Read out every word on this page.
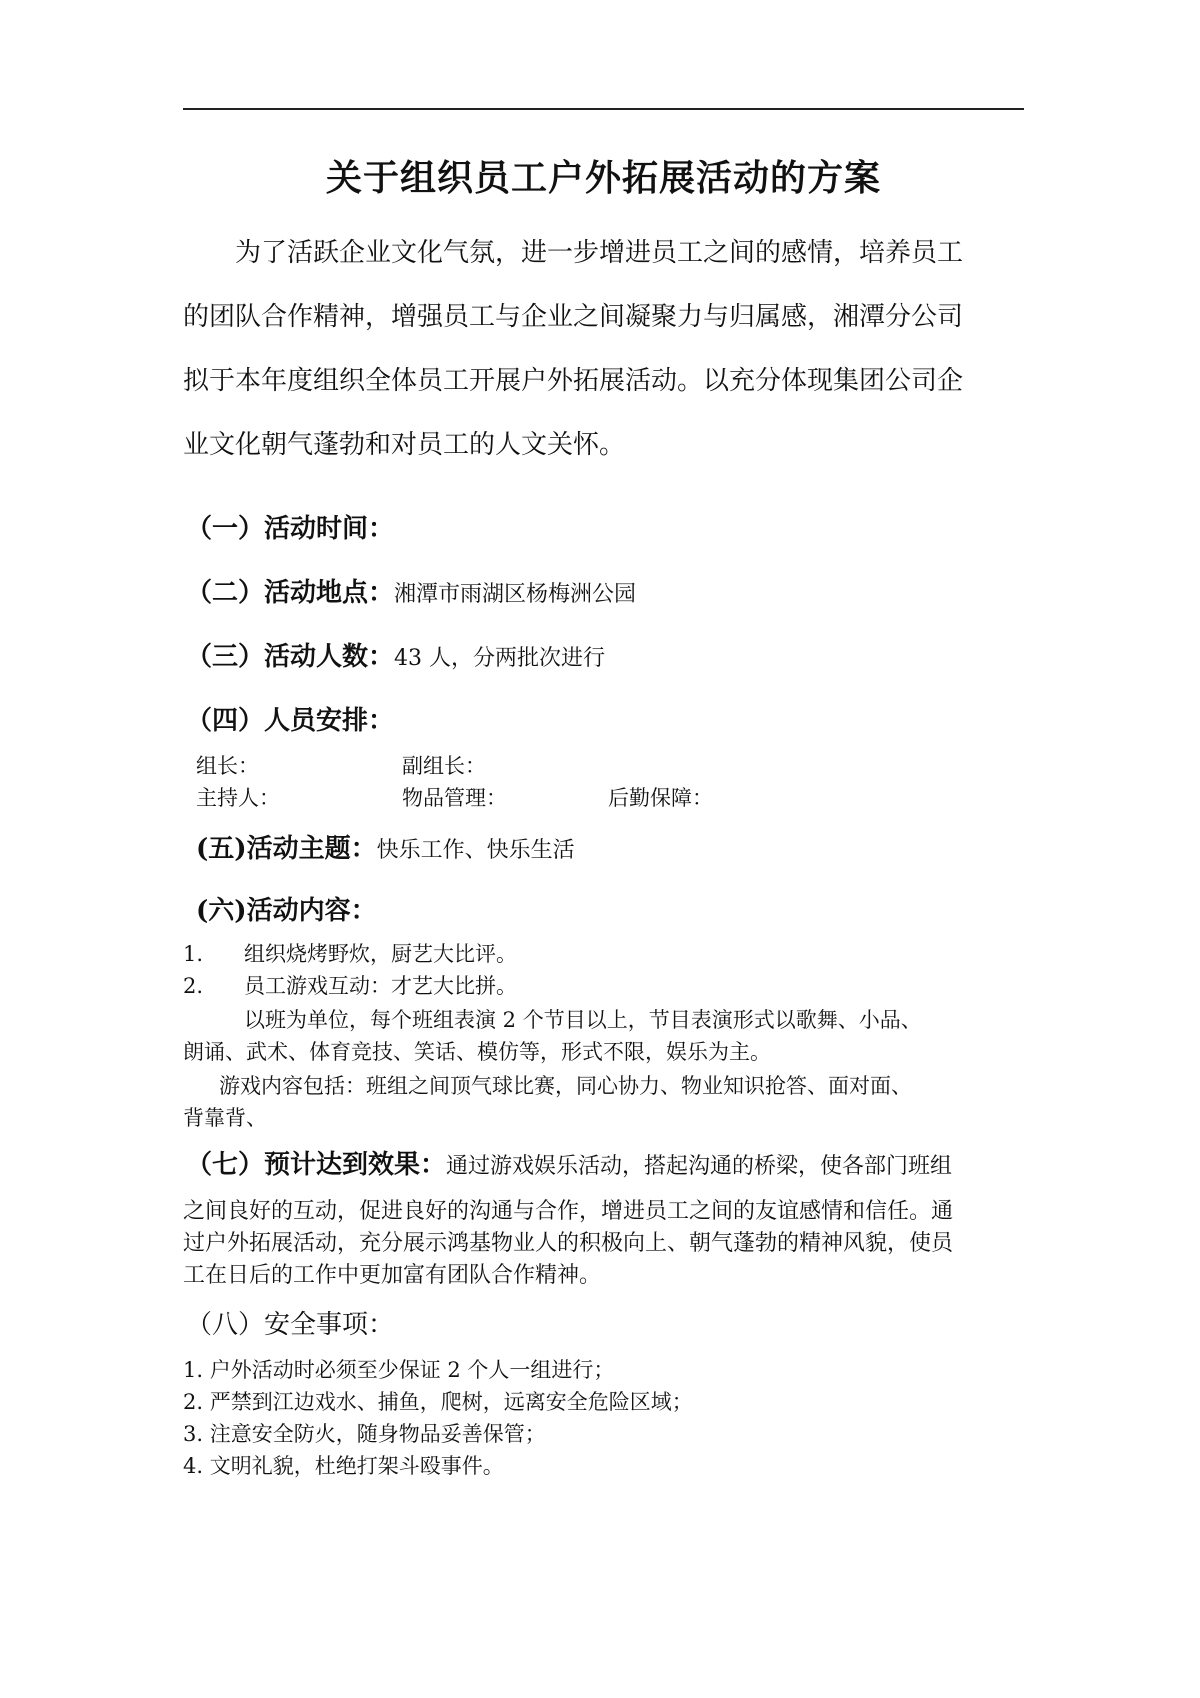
关于组织员工户外拓展活动的方案

为了活跃企业文化气氛，进一步增进员工之间的感情，培养员工

的团队合作精神，增强员工与企业之间凝聚力与归属感，湘潭分公司

拟于本年度组织全体员工开展户外拓展活动。以充分体现集团公司企

业文化朝气蓬勃和对员工的人文关怀。

（一）活动时间：
（二）活动地点：湘潭市雨湖区杨梅洲公园
（三）活动人数：43 人，分两批次进行
（四）人员安排：
组长：	副组长：
主持人：	物品管理：	后勤保障：
(五)活动主题：快乐工作、快乐生活
(六)活动内容：
1. 组织烧烤野炊，厨艺大比评。
2. 员工游戏互动：才艺大比拼。
以班为单位，每个班组表演 2 个节目以上，节目表演形式以歌舞、小品、
朗诵、武术、体育竞技、笑话、模仿等，形式不限，娱乐为主。
游戏内容包括：班组之间顶气球比赛，同心协力、物业知识抢答、面对面、
背靠背、
（七）预计达到效果：通过游戏娱乐活动，搭起沟通的桥梁，使各部门班组
之间良好的互动，促进良好的沟通与合作，增进员工之间的友谊感情和信任。通
过户外拓展活动，充分展示鸿基物业人的积极向上、朝气蓬勃的精神风貌，使员
工在日后的工作中更加富有团队合作精神。
（八）安全事项：
1. 户外活动时必须至少保证 2 个人一组进行；
2. 严禁到江边戏水、捕鱼，爬树，远离安全危险区域；
3. 注意安全防火，随身物品妥善保管；
4. 文明礼貌，杜绝打架斗殴事件。
